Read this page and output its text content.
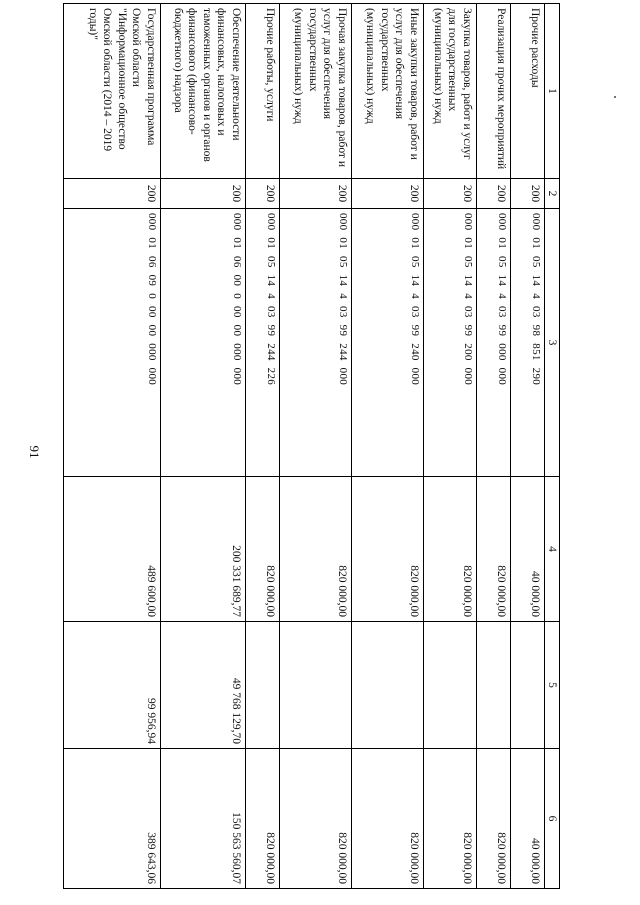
91
1	2	3	4	5	6
Прочие расходы	200	00001051440398851290	40 000,00		40 000,00
Реализация прочих мероприятий	200	00001051440399000000	820 000,00		820 000,00
Закупка товаров, работ и услуг для государственных (муниципальных) нужд	200	00001051440399200000	820 000,00		820 000,00
Иные закупки товаров, работ и услуг для обеспечения государственных (муниципальных) нужд	200	00001051440399240000	820 000,00		820 000,00
Прочая закупка товаров, работ и услуг для обеспечения государственных (муниципальных) нужд	200	00001051440399244000	820 000,00		820 000,00
Прочие работы, услуги	200	00001051440399244226	820 000,00		820 000,00
Обеспечение деятельности финансовых, налоговых и таможенных органов и органов финансового (финансово-бюджетного) надзора	200	00001060000000000000	200 331 689,77	49 768 129,70	150 563 560,07
Государственная программа Омской области "Информационное общество Омской области (2014 – 2019 годы)"	200	00001060900000000000	489 600,00	99 956,94	389 643,06
